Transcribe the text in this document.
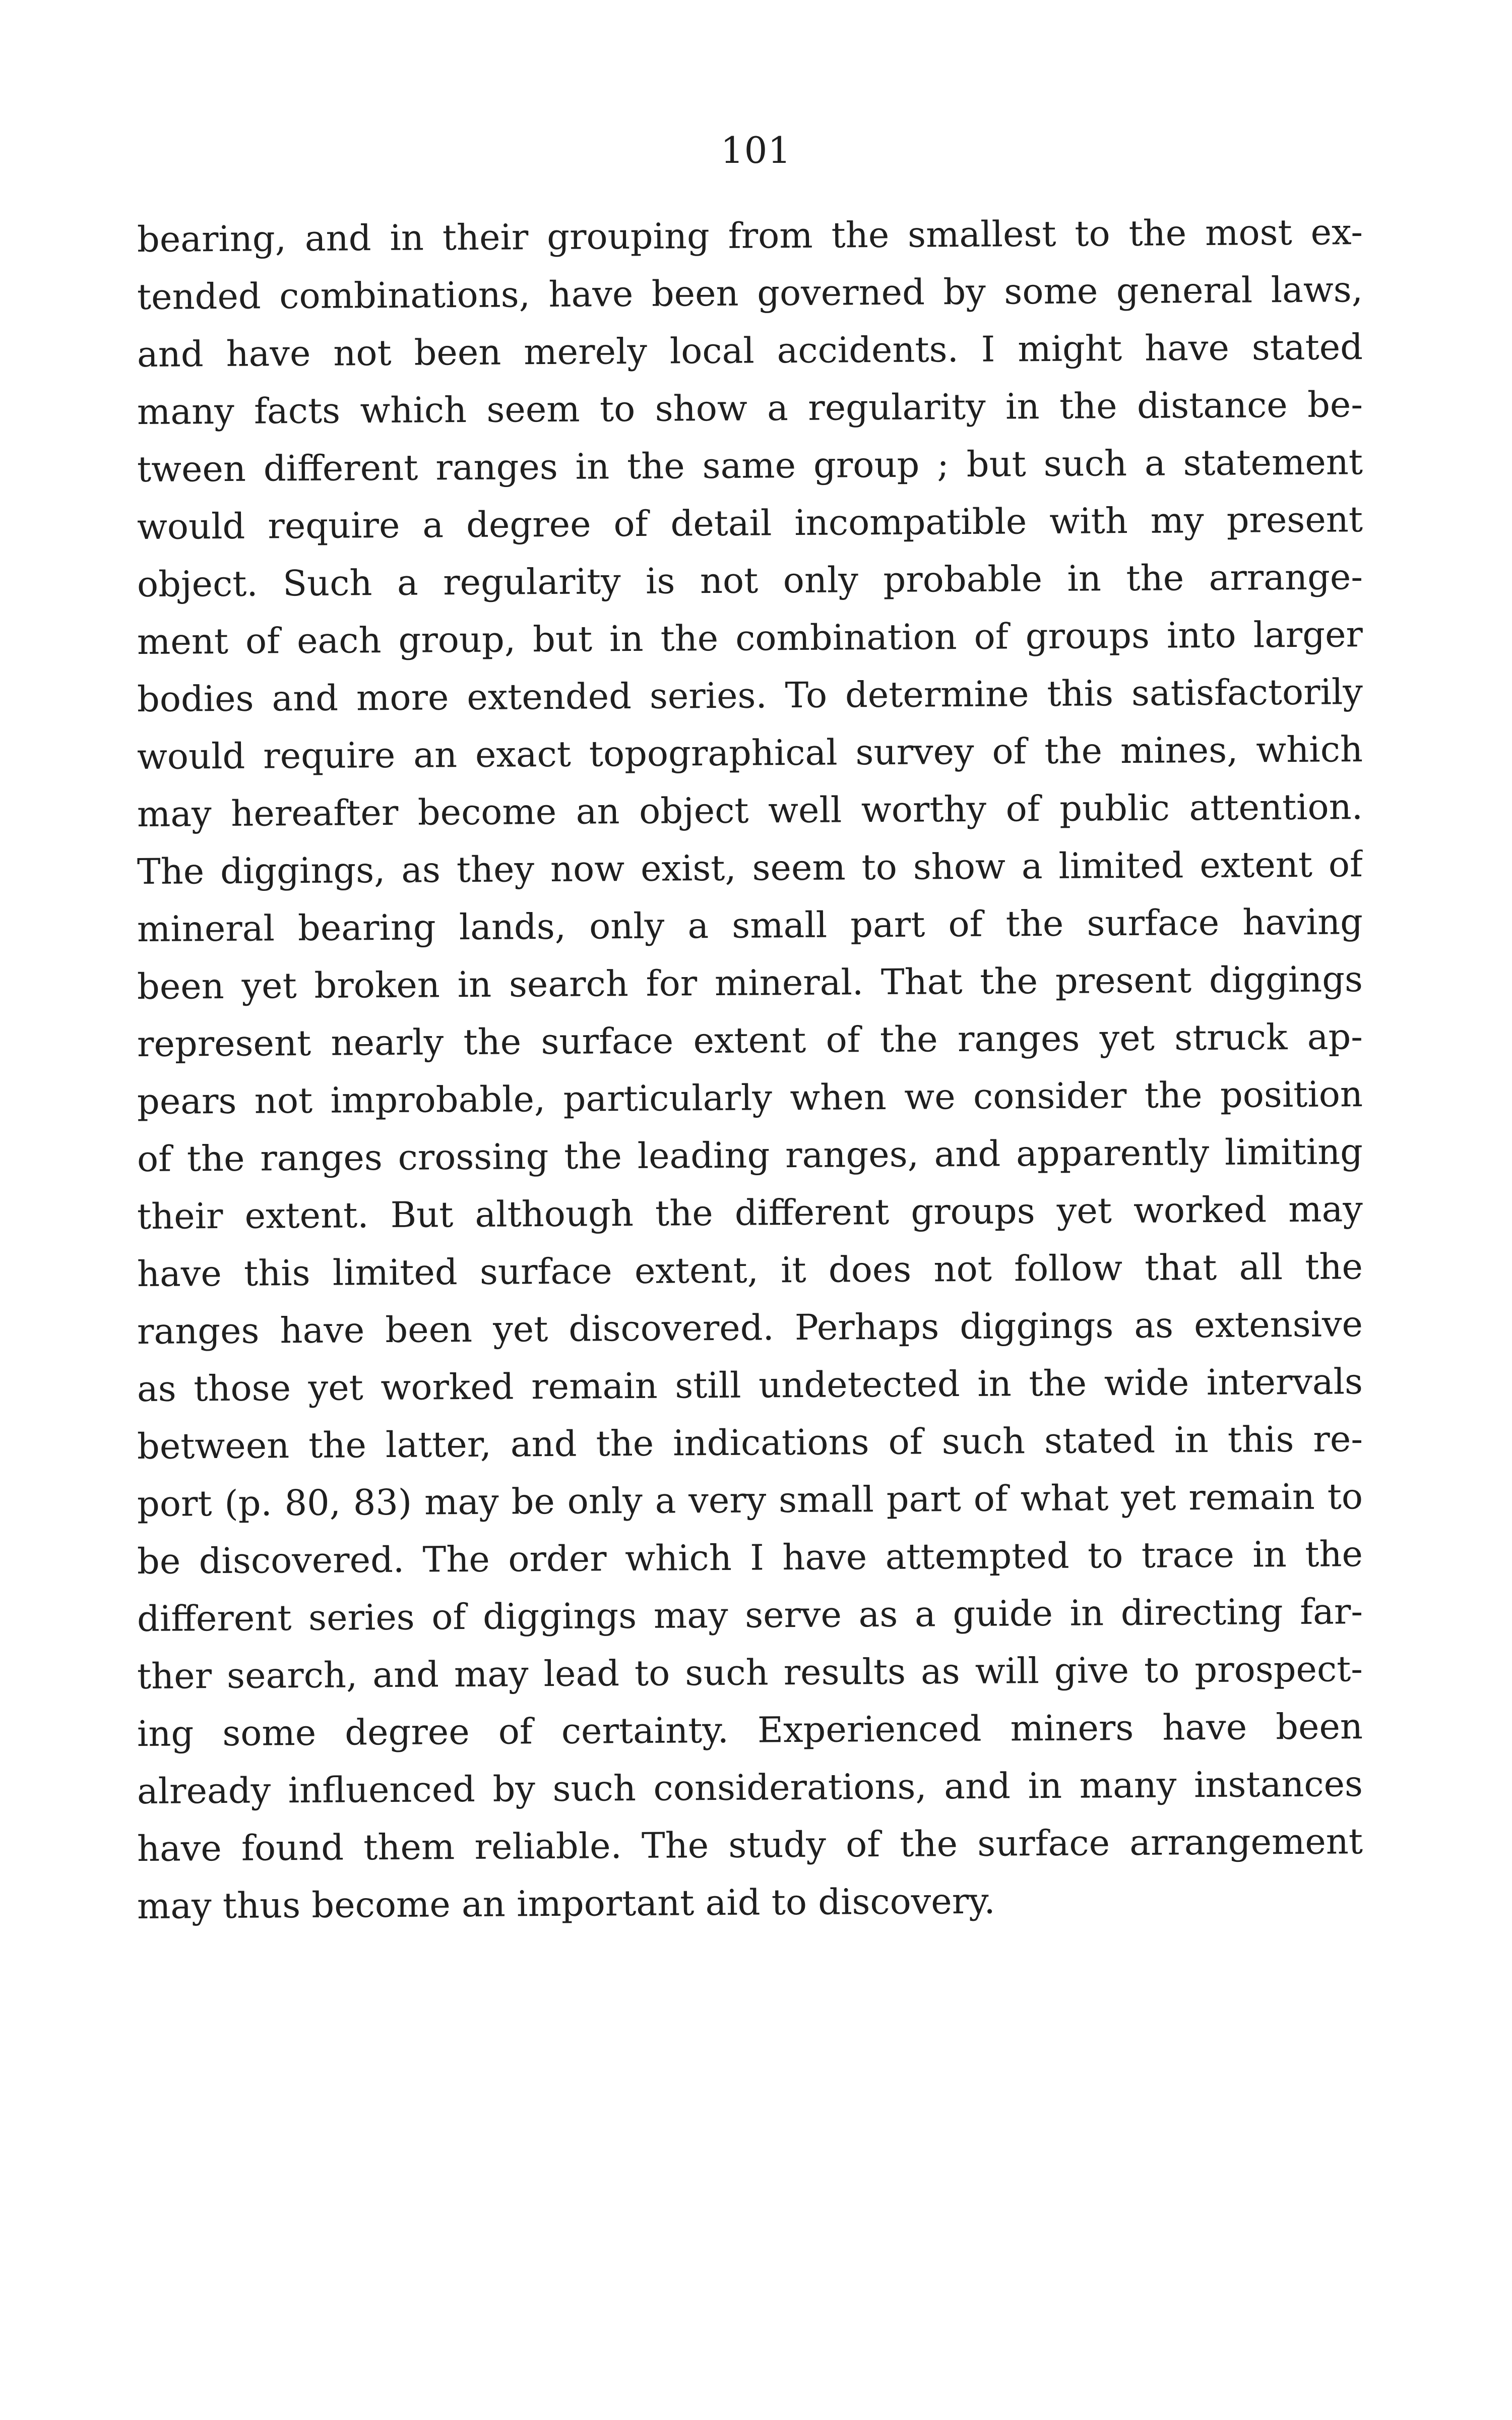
101
bearing, and in their grouping from the smallest to the most ex-
tended combinations, have been governed by some general laws,
and have not been merely local accidents. I might have stated
many facts which seem to show a regularity in the distance be-
tween different ranges in the same group ; but such a statement
would require a degree of detail incompatible with my present
object. Such a regularity is not only probable in the arrange-
ment of each group, but in the combination of groups into larger
bodies and more extended series. To determine this satisfactorily
would require an exact topographical survey of the mines, which
may hereafter become an object well worthy of public attention.
The diggings, as they now exist, seem to show a limited extent of
mineral bearing lands, only a small part of the surface having
been yet broken in search for mineral. That the present diggings
represent nearly the surface extent of the ranges yet struck ap-
pears not improbable, particularly when we consider the position
of the ranges crossing the leading ranges, and apparently limiting
their extent. But although the different groups yet worked may
have this limited surface extent, it does not follow that all the
ranges have been yet discovered. Perhaps diggings as extensive
as those yet worked remain still undetected in the wide intervals
between the latter, and the indications of such stated in this re-
port (p. 80, 83) may be only a very small part of what yet remain to
be discovered. The order which I have attempted to trace in the
different series of diggings may serve as a guide in directing far-
ther search, and may lead to such results as will give to prospect-
ing some degree of certainty. Experienced miners have been
already influenced by such considerations, and in many instances
have found them reliable. The study of the surface arrangement
may thus become an important aid to discovery.
